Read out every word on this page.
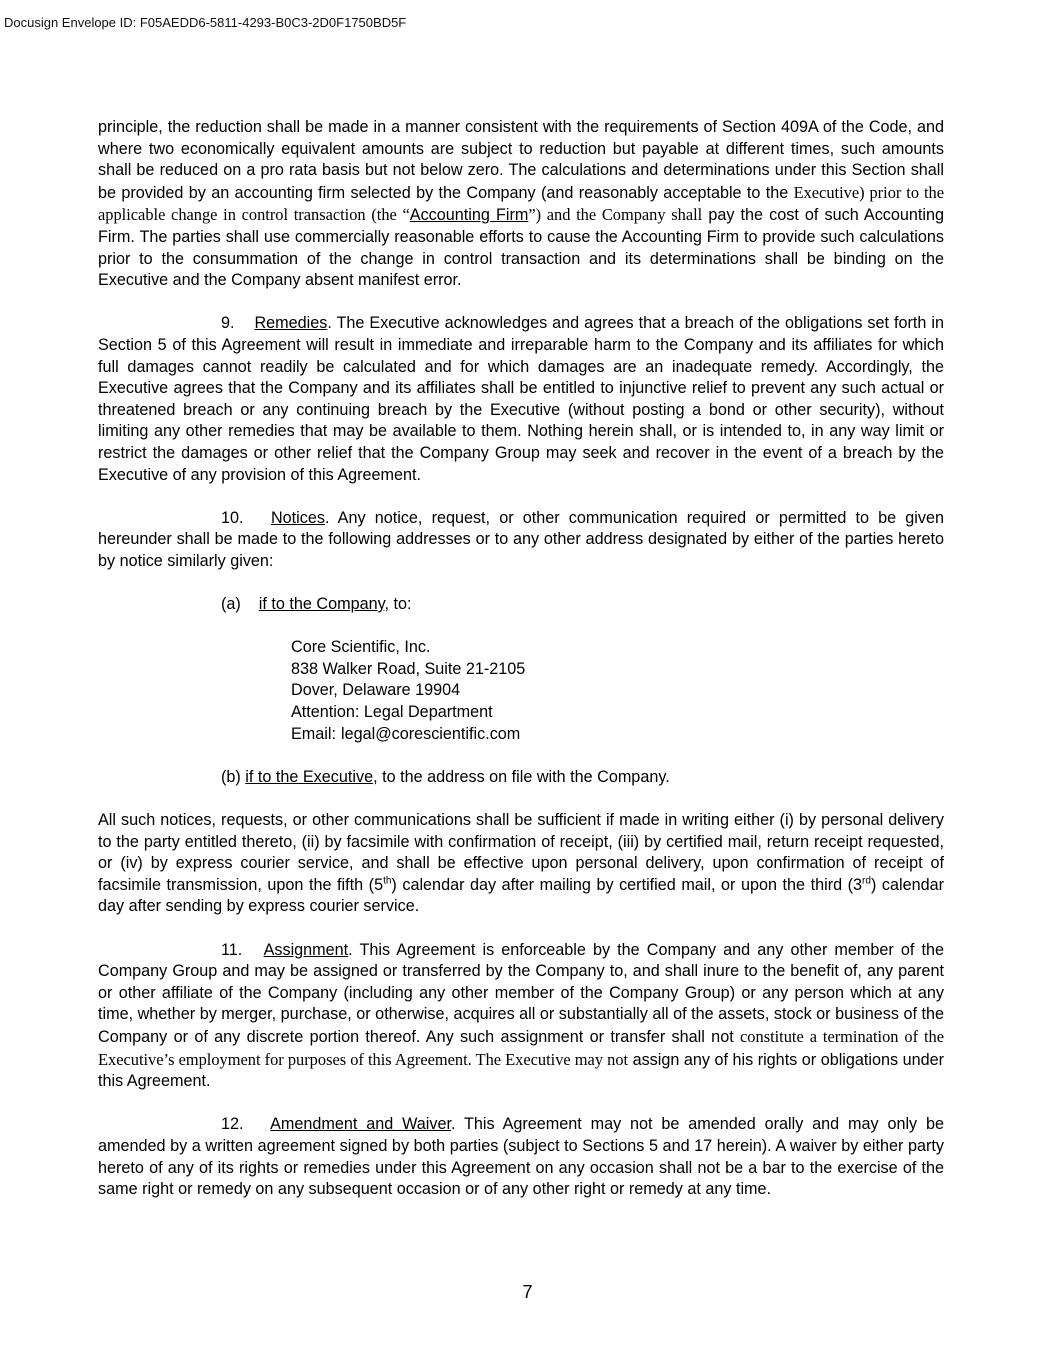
Docusign Envelope ID: F05AEDD6-5811-4293-B0C3-2D0F1750BD5F

principle, the reduction shall be made in a manner consistent with the requirements of Section 409A of the Code, and where two economically equivalent amounts are subject to reduction but payable at different times, such amounts shall be reduced on a pro rata basis but not below zero. The calculations and determinations under this Section shall be provided by an accounting firm selected by the Company (and reasonably acceptable to the Executive) prior to the applicable change in control transaction (the “Accounting Firm”) and the Company shall pay the cost of such Accounting Firm. The parties shall use commercially reasonable efforts to cause the Accounting Firm to provide such calculations prior to the consummation of the change in control transaction and its determinations shall be binding on the Executive and the Company absent manifest error.

9. Remedies. The Executive acknowledges and agrees that a breach of the obligations set forth in Section 5 of this Agreement will result in immediate and irreparable harm to the Company and its affiliates for which full damages cannot readily be calculated and for which damages are an inadequate remedy. Accordingly, the Executive agrees that the Company and its affiliates shall be entitled to injunctive relief to prevent any such actual or threatened breach or any continuing breach by the Executive (without posting a bond or other security), without limiting any other remedies that may be available to them. Nothing herein shall, or is intended to, in any way limit or restrict the damages or other relief that the Company Group may seek and recover in the event of a breach by the Executive of any provision of this Agreement.

10. Notices. Any notice, request, or other communication required or permitted to be given hereunder shall be made to the following addresses or to any other address designated by either of the parties hereto by notice similarly given:

(a) if to the Company, to:
Core Scientific, Inc.
838 Walker Road, Suite 21-2105
Dover, Delaware 19904
Attention: Legal Department
Email: legal@corescientific.com
(b) if to the Executive, to the address on file with the Company.

All such notices, requests, or other communications shall be sufficient if made in writing either (i) by personal delivery to the party entitled thereto, (ii) by facsimile with confirmation of receipt, (iii) by certified mail, return receipt requested, or (iv) by express courier service, and shall be effective upon personal delivery, upon confirmation of receipt of facsimile transmission, upon the fifth (5th) calendar day after mailing by certified mail, or upon the third (3rd) calendar day after sending by express courier service.

11. Assignment. This Agreement is enforceable by the Company and any other member of the Company Group and may be assigned or transferred by the Company to, and shall inure to the benefit of, any parent or other affiliate of the Company (including any other member of the Company Group) or any person which at any time, whether by merger, purchase, or otherwise, acquires all or substantially all of the assets, stock or business of the Company or of any discrete portion thereof. Any such assignment or transfer shall not constitute a termination of the Executive’s employment for purposes of this Agreement. The Executive may not assign any of his rights or obligations under this Agreement.

12. Amendment and Waiver. This Agreement may not be amended orally and may only be amended by a written agreement signed by both parties (subject to Sections 5 and 17 herein). A waiver by either party hereto of any of its rights or remedies under this Agreement on any occasion shall not be a bar to the exercise of the same right or remedy on any subsequent occasion or of any other right or remedy at any time.

7
